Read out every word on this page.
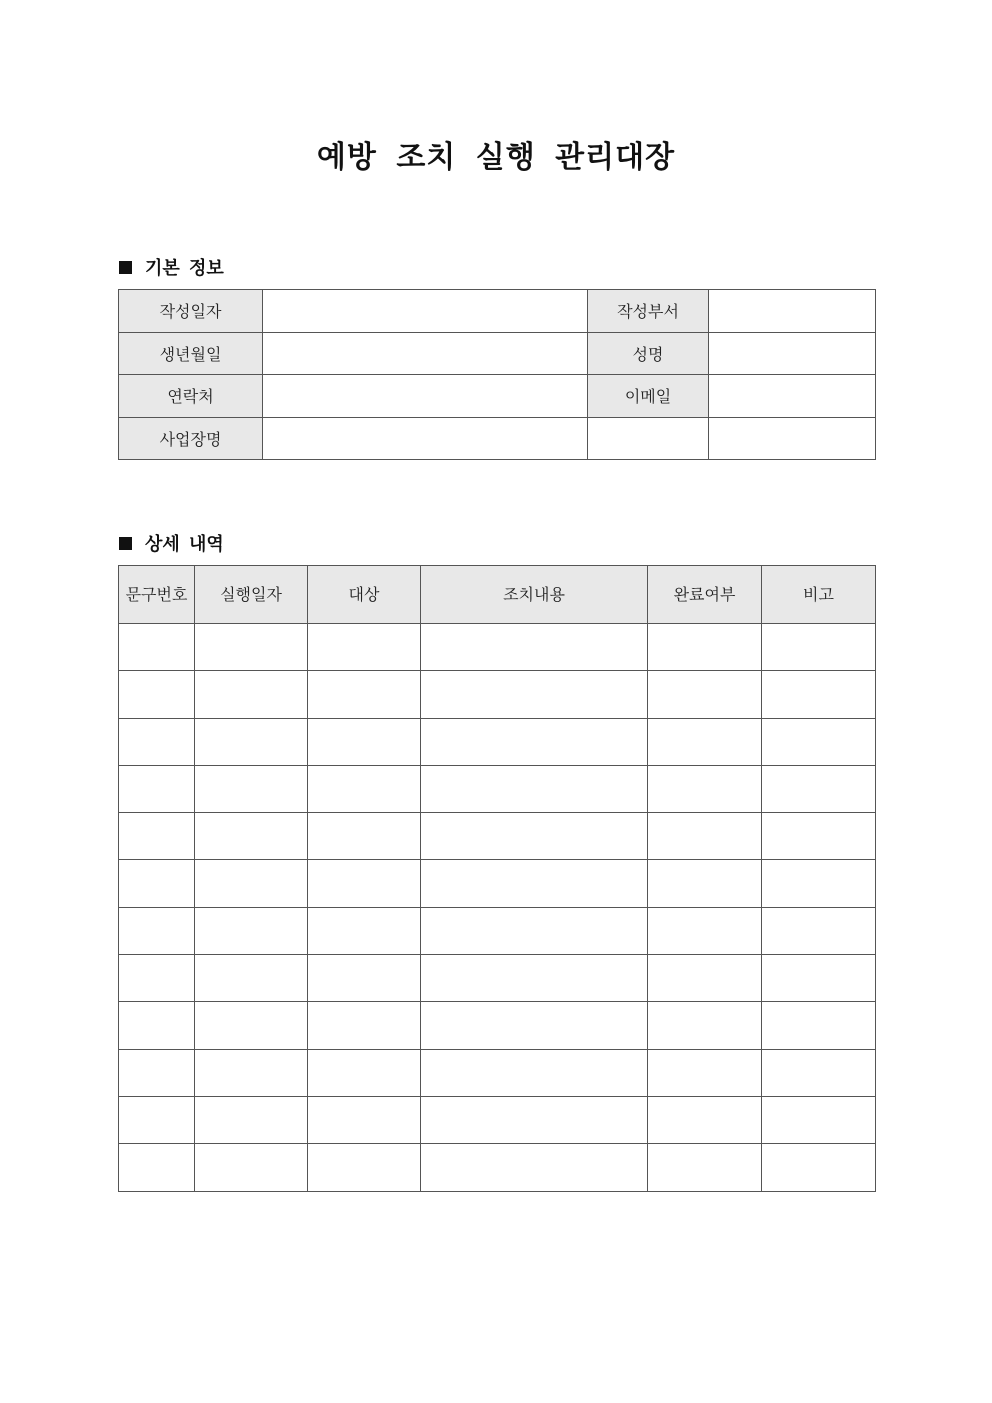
예방 조치 실행 관리대장
기본 정보
작성일자		작성부서	
생년월일		성명	
연락처		이메일	
사업장명			
상세 내역
문구번호	실행일자	대상	조치내용	완료여부	비고
